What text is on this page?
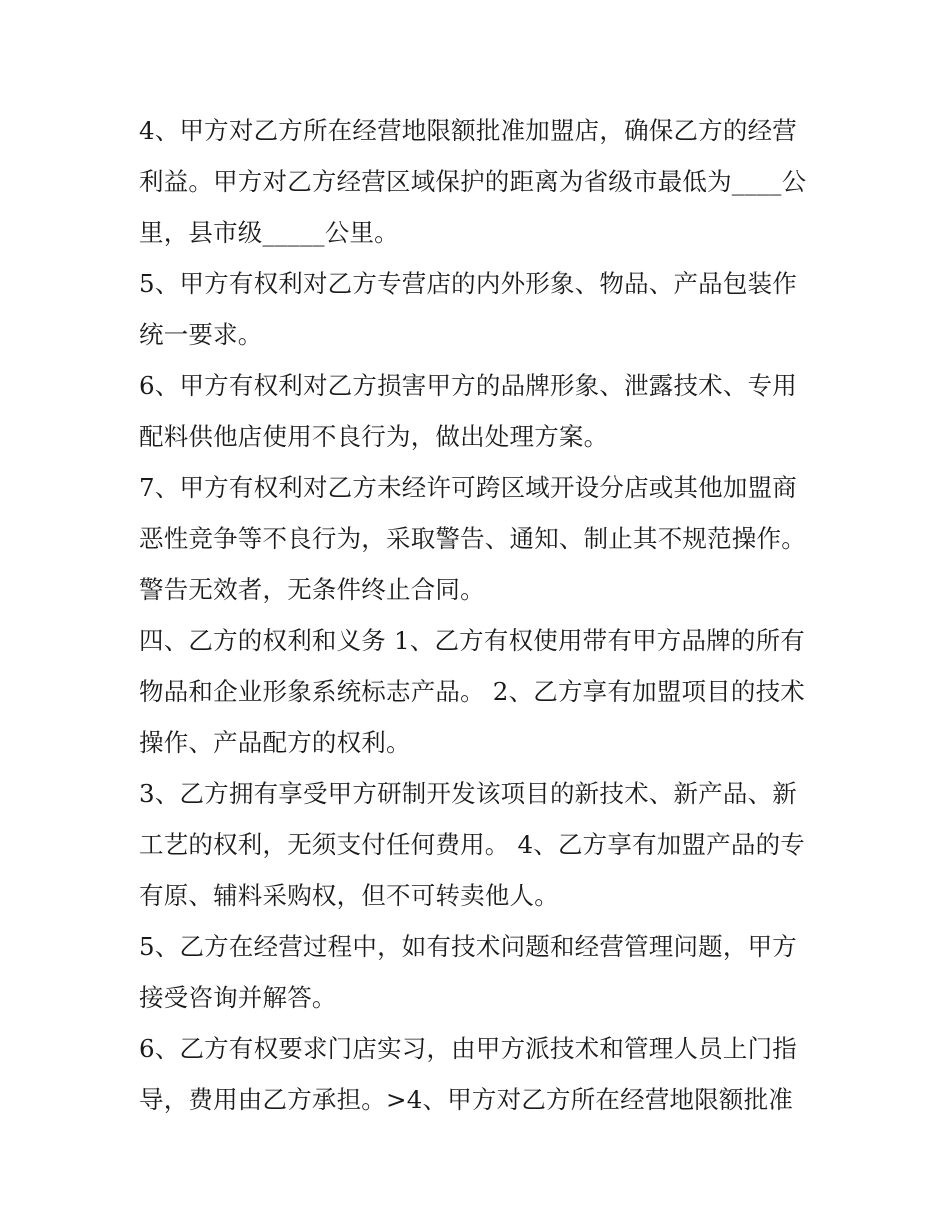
4、甲方对乙方所在经营地限额批准加盟店，确保乙方的经营
利益。甲方对乙方经营区域保护的距离为省级市最低为____公
里，县市级_____公里。
5、甲方有权利对乙方专营店的内外形象、物品、产品包装作
统一要求。
6、甲方有权利对乙方损害甲方的品牌形象、泄露技术、专用
配料供他店使用不良行为，做出处理方案。
7、甲方有权利对乙方未经许可跨区域开设分店或其他加盟商
恶性竞争等不良行为，采取警告、通知、制止其不规范操作。
警告无效者，无条件终止合同。
四、乙方的权利和义务 1、乙方有权使用带有甲方品牌的所有
物品和企业形象系统标志产品。 2、乙方享有加盟项目的技术
操作、产品配方的权利。
3、乙方拥有享受甲方研制开发该项目的新技术、新产品、新
工艺的权利，无须支付任何费用。 4、乙方享有加盟产品的专
有原、辅料采购权，但不可转卖他人。
5、乙方在经营过程中，如有技术问题和经营管理问题，甲方
接受咨询并解答。
6、乙方有权要求门店实习，由甲方派技术和管理人员上门指
导，费用由乙方承担。>4、甲方对乙方所在经营地限额批准
